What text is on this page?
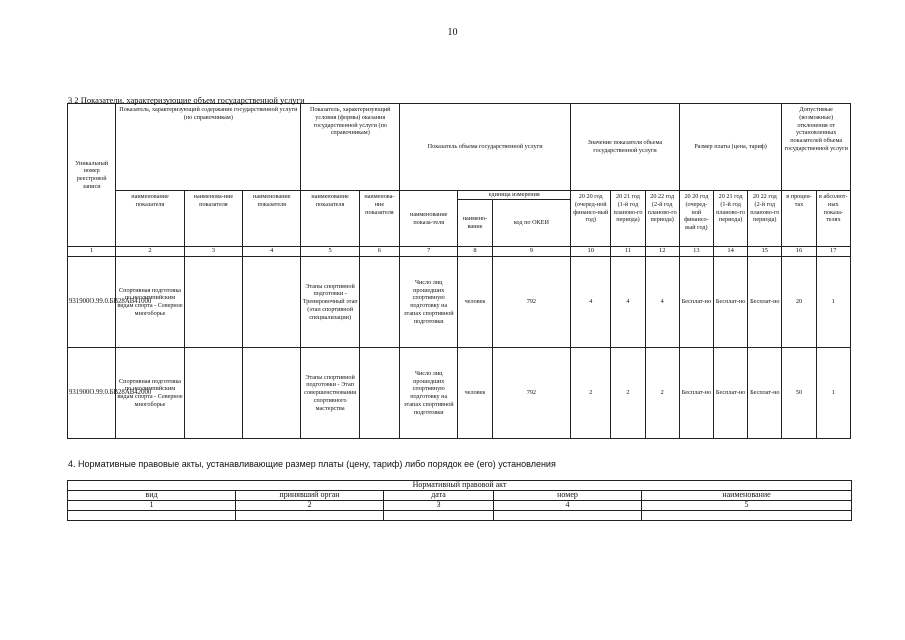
10
3 2 Показатели, характеризующие объем государственной услуги
Уникальный номер реестровой записи	Показатель, характеризующий содержание государственной услуги (по справочникам)			Показатель, характеризующий условия (формы) оказания государственной услуги (по справочникам)		Показатель объема государственной услуги			Значение показателя объема государственной услуги			Размер платы (цена, тариф)			Допустимые (возможные) отклонения от установленных показателей объема государственной услуги	
	наименование показателя	наименова-ние показателя	наименование показателя	наименование показателя	наименова-ние показателя	наименование показа-теля	единица измерения		20 20 год (очеред-ной финансо-вый год)	20 21 год (1-й год планово-го периода)	20 22 год (2-й год планово-го периода)	20 20 год (очеред-ной финансо-вый год)	20 21 год (1-й год планово-го периода)	20 22 год (2-й год планово-го периода)	в процен-тах	в абсолют-ных показа-телях
							наимено-вание	код по ОКЕИ								
1	2	3	4	5	6	7	8	9	10	11	12	13	14	15	16	17
931900О.99.0.БВ28АВ41000	Спортивная подготовка по неолимпийским видам спорта - Северное многоборье			Этапы спортивной подготовки - Тренировочный этап (этап спортивной специализации)		Число лиц прошедших спортивную подготовку на этапах спортивной подготовки	человек	792	4	4	4	Бесплат-но	Бесплат-но	Бесплат-но	20	1
931900О.99.0.БВ28АВ42000	Спортивная подготовка по неолимпийским видам спорта - Северное многоборье			Этапы спортивной подготовки - Этап совершенствования спортивного мастерства		Число лиц прошедших спортивную подготовку на этапах спортивной подготовки	человек	792	2	2	2	Бесплат-но	Бесплат-но	Бесплат-но	50	1
4. Нормативные правовые акты, устанавливающие размер платы (цену, тариф) либо порядок ее (его) установления
Нормативный правовой акт				
вид	принявший орган	дата	номер	наименование
1	2	3	4	5
